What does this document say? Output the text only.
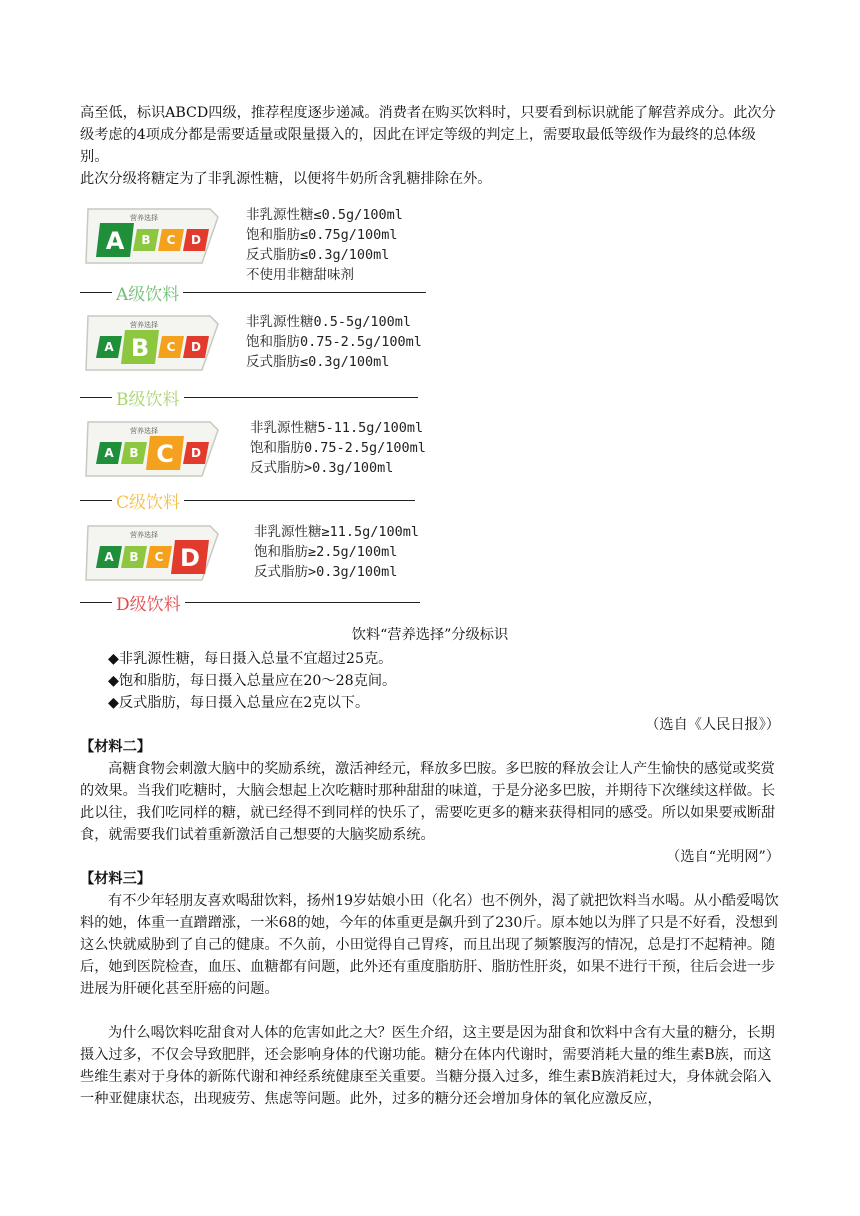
高至低，标识ABCD四级，推荐程度逐步递减。消费者在购买饮料时，只要看到标识就能了解营养成分。此次分级考虑的4项成分都是需要适量或限量摄入的，因此在评定等级的判定上，需要取最低等级作为最终的总体级别。
此次分级将糖定为了非乳源性糖，以便将牛奶所含乳糖排除在外。
营养选择
A B C D
非乳源性糖≤0.5g/100ml
饱和脂肪≤0.75g/100ml
反式脂肪≤0.3g/100ml
不使用非糖甜味剂
A级饮料
营养选择
A B C D
非乳源性糖0.5-5g/100ml
饱和脂肪0.75-2.5g/100ml
反式脂肪≤0.3g/100ml
B级饮料
营养选择
A B C D
非乳源性糖5-11.5g/100ml
饱和脂肪0.75-2.5g/100ml
反式脂肪>0.3g/100ml
C级饮料
营养选择
A B C D
非乳源性糖≥11.5g/100ml
饱和脂肪≥2.5g/100ml
反式脂肪>0.3g/100ml
D级饮料
饮料“营养选择”分级标识
◆非乳源性糖，每日摄入总量不宜超过25克。
◆饱和脂肪，每日摄入总量应在20～28克间。
◆反式脂肪，每日摄入总量应在2克以下。
（选自《人民日报》）
【材料二】
高糖食物会刺激大脑中的奖励系统，激活神经元，释放多巴胺。多巴胺的释放会让人产生愉快的感觉或奖赏的效果。当我们吃糖时，大脑会想起上次吃糖时那种甜甜的味道，于是分泌多巴胺，并期待下次继续这样做。长此以往，我们吃同样的糖，就已经得不到同样的快乐了，需要吃更多的糖来获得相同的感受。所以如果要戒断甜食，就需要我们试着重新激活自己想要的大脑奖励系统。
（选自“光明网”）
【材料三】
有不少年轻朋友喜欢喝甜饮料，扬州19岁姑娘小田（化名）也不例外，渴了就把饮料当水喝。从小酷爱喝饮料的她，体重一直蹭蹭涨，一米68的她，今年的体重更是飙升到了230斤。原本她以为胖了只是不好看，没想到这么快就威胁到了自己的健康。不久前，小田觉得自己胃疼，而且出现了频繁腹泻的情况，总是打不起精神。随后，她到医院检查，血压、血糖都有问题，此外还有重度脂肪肝、脂肪性肝炎，如果不进行干预，往后会进一步进展为肝硬化甚至肝癌的问题。
为什么喝饮料吃甜食对人体的危害如此之大？医生介绍，这主要是因为甜食和饮料中含有大量的糖分，长期摄入过多，不仅会导致肥胖，还会影响身体的代谢功能。糖分在体内代谢时，需要消耗大量的维生素B族，而这些维生素对于身体的新陈代谢和神经系统健康至关重要。当糖分摄入过多，维生素B族消耗过大，身体就会陷入一种亚健康状态，出现疲劳、焦虑等问题。此外，过多的糖分还会增加身体的氧化应激反应，
